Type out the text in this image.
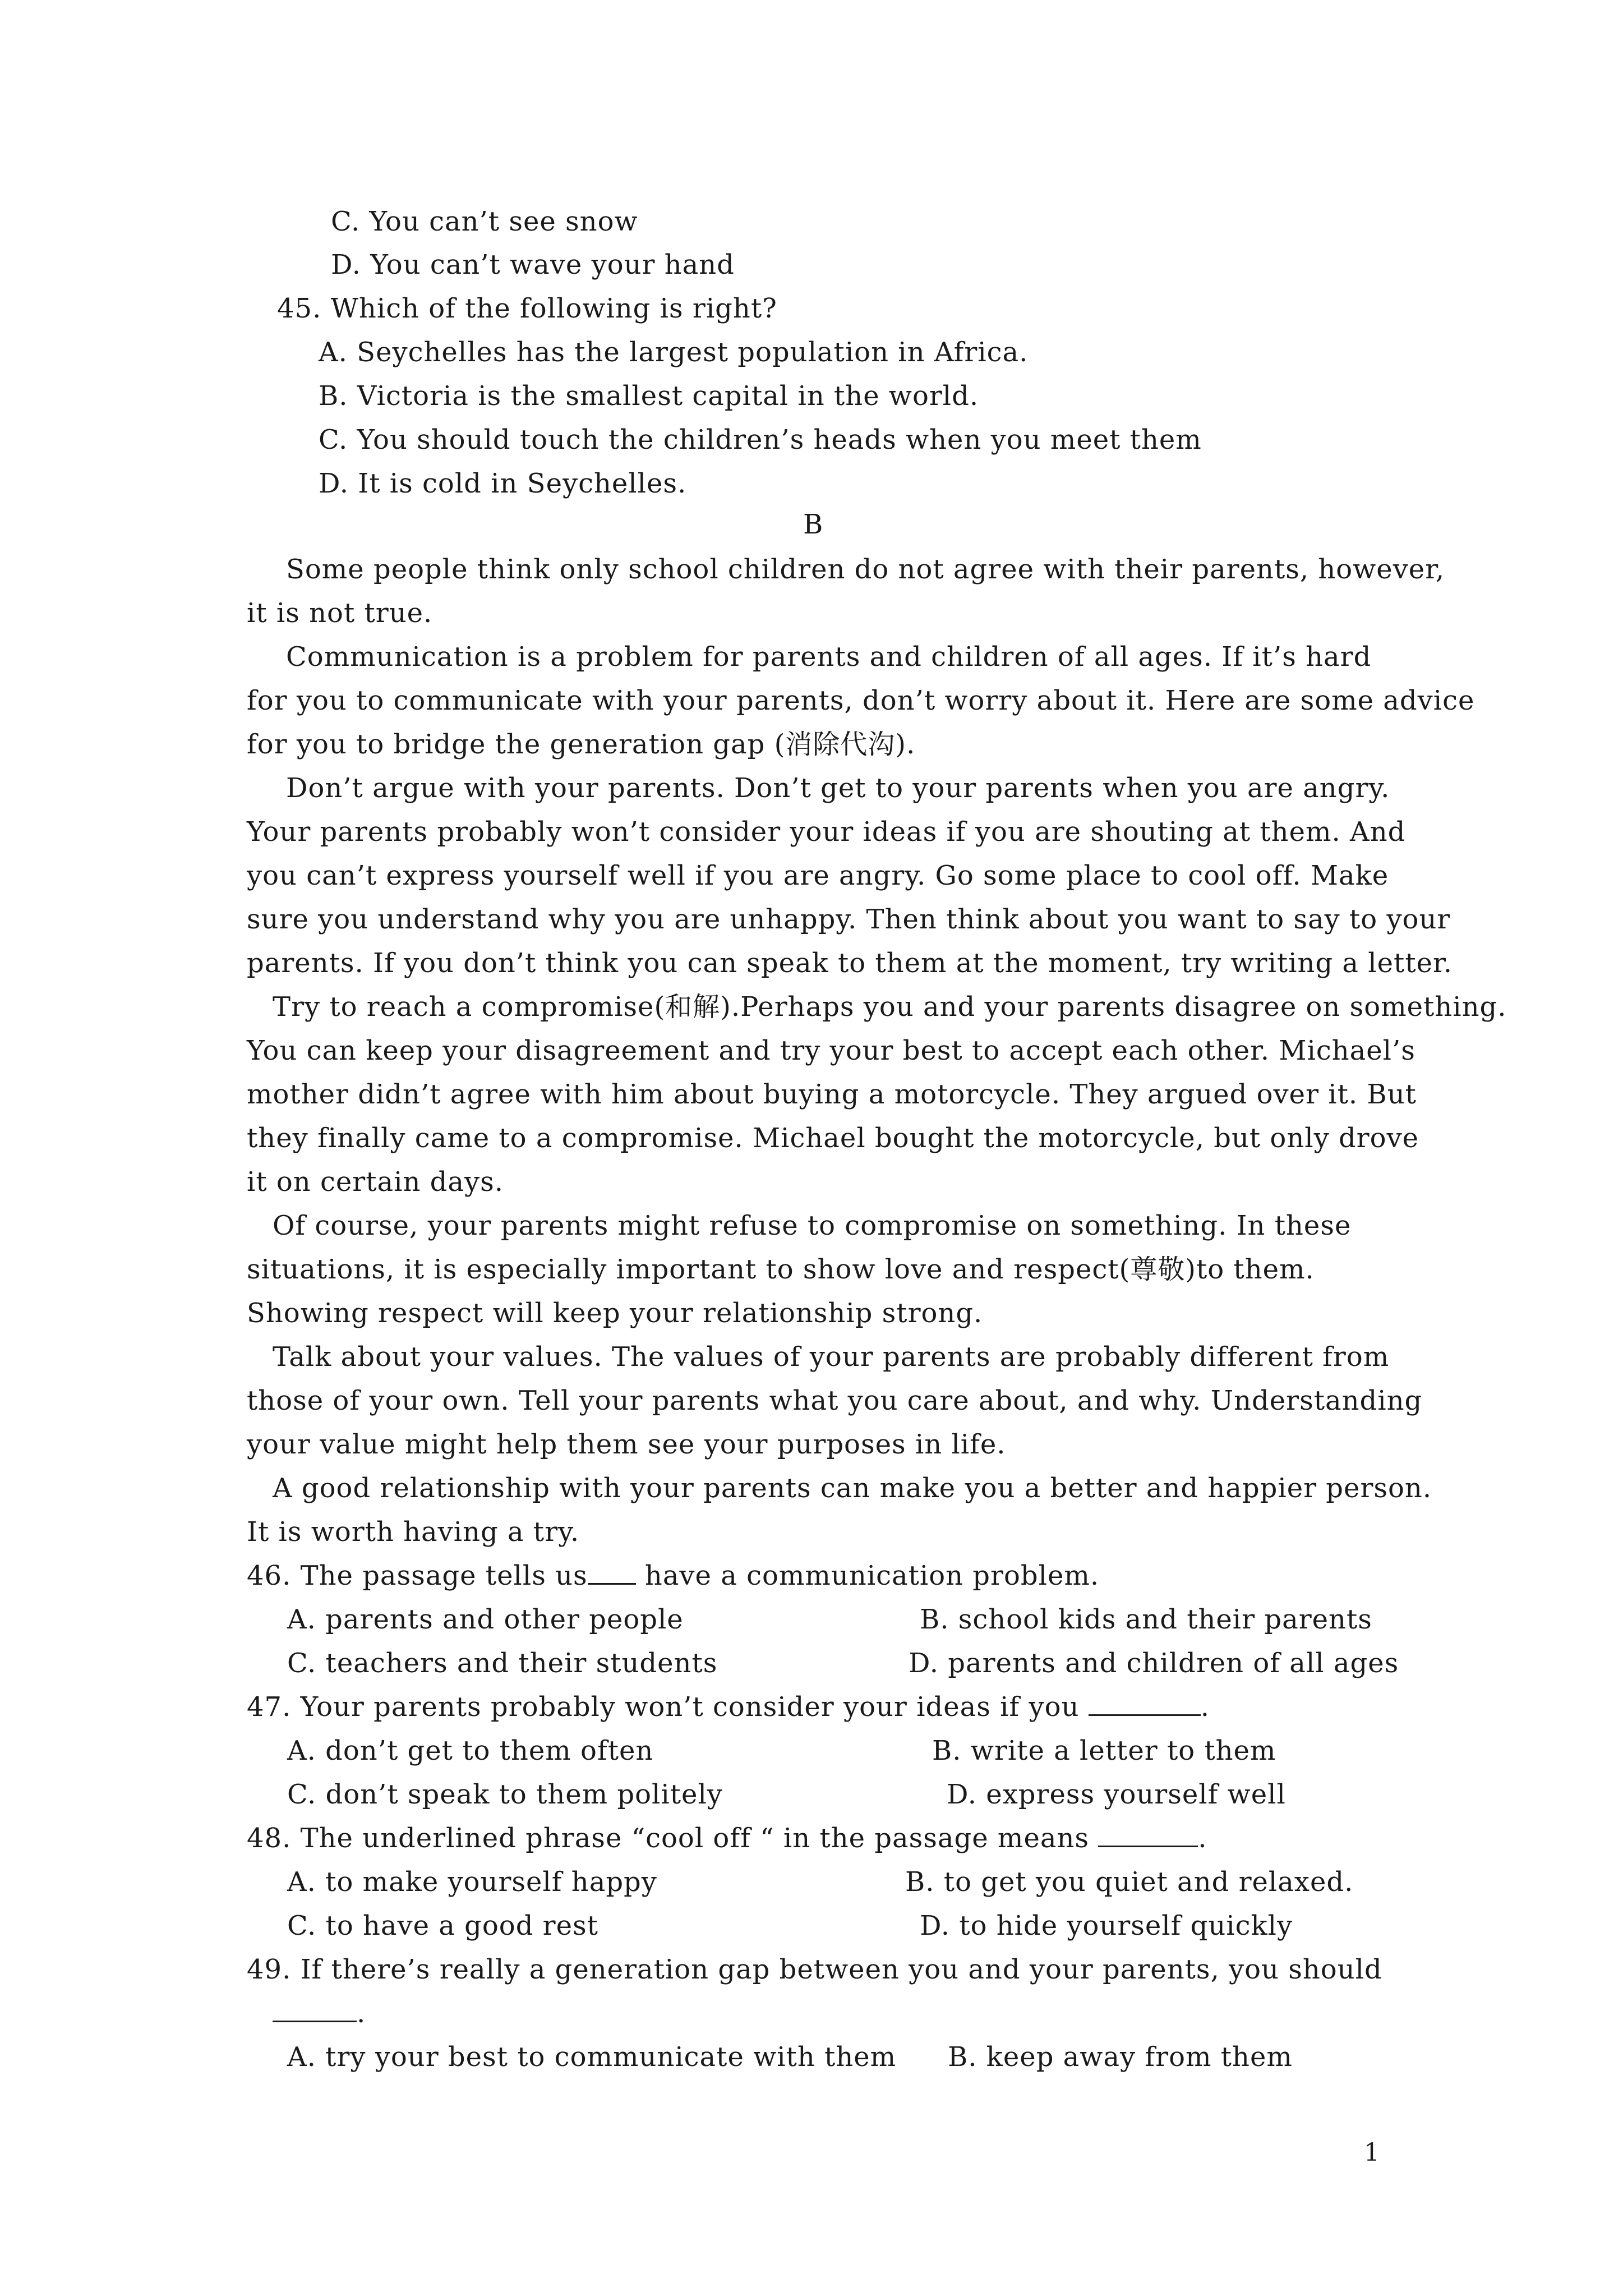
C. You can’t see snow
D. You can’t wave your hand
45. Which of the following is right?
A. Seychelles has the largest population in Africa.
B. Victoria is the smallest capital in the world.
C. You should touch the children’s heads when you meet them
D. It is cold in Seychelles.
B
Some people think only school children do not agree with their parents, however,
it is not true.
Communication is a problem for parents and children of all ages. If it’s hard
for you to communicate with your parents, don’t worry about it. Here are some advice
for you to bridge the generation gap (消除代沟).
Don’t argue with your parents. Don’t get to your parents when you are angry.
Your parents probably won’t consider your ideas if you are shouting at them. And
you can’t express yourself well if you are angry. Go some place to cool off. Make
sure you understand why you are unhappy. Then think about you want to say to your
parents. If you don’t think you can speak to them at the moment, try writing a letter.
Try to reach a compromise(和解).Perhaps you and your parents disagree on something.
You can keep your disagreement and try your best to accept each other. Michael’s
mother didn’t agree with him about buying a motorcycle. They argued over it. But
they finally came to a compromise. Michael bought the motorcycle, but only drove
it on certain days.
Of course, your parents might refuse to compromise on something. In these
situations, it is especially important to show love and respect(尊敬)to them.
Showing respect will keep your relationship strong.
Talk about your values. The values of your parents are probably different from
those of your own. Tell your parents what you care about, and why. Understanding
your value might help them see your purposes in life.
A good relationship with your parents can make you a better and happier person.
It is worth having a try.
46. The passage tells us have a communication problem.
A. parents and other people	B. school kids and their parents
C. teachers and their students	D. parents and children of all ages
47. Your parents probably won’t consider your ideas if you	.
A. don’t get to them often	B. write a letter to them
C. don’t speak to them politely	D. express yourself well
48. The underlined phrase “cool off “ in the passage means	.
A. to make yourself happy	B. to get you quiet and relaxed.
C. to have a good rest	D. to hide yourself quickly
49. If there’s really a generation gap between you and your parents, you should
.
A. try your best to communicate with them B. keep away from them
1
